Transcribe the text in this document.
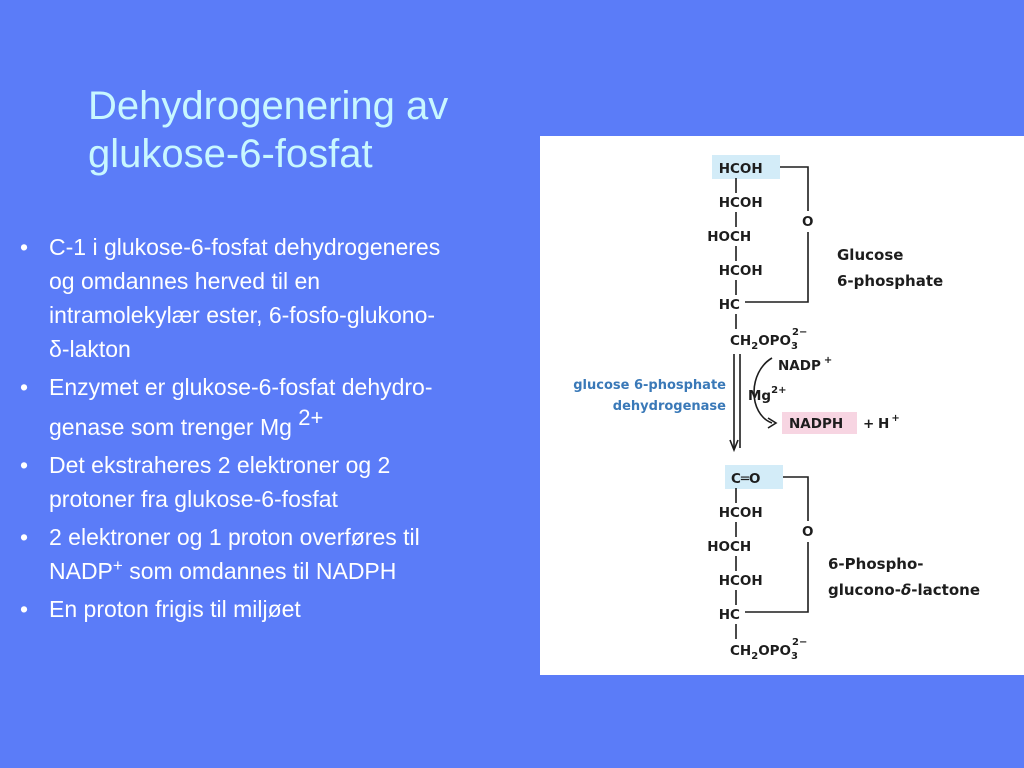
Dehydrogenering av
glukose-6-fosfat
• C-1 i glukose-6-fosfat dehydrogeneres
og omdannes herved til en
intramolekylær ester, 6-fosfo-glukono-
δ-lakton
• Enzymet er glukose-6-fosfat dehydro-
genase som trenger Mg $^{2+}$
• Det ekstraheres 2 elektroner og 2
protoner fra glukose-6-fosfat
• 2 elektroner og 1 proton overføres til
NADP+ som omdannes til NADPH
• En proton frigis til miljøet
H COH
H COH
HO CH
H COH
H C
O
$CH_2OPO_32-$
Glucose
6-phosphate
glucose 6-phosphate
dehydrogenase
NADP +
$Mg^{2+}$
NADPH + H +
C═O
H COH
HO CH
H COH
H C
O
$CH_2OPO_32-$
6-Phospho-
glucono-δ-lactone
